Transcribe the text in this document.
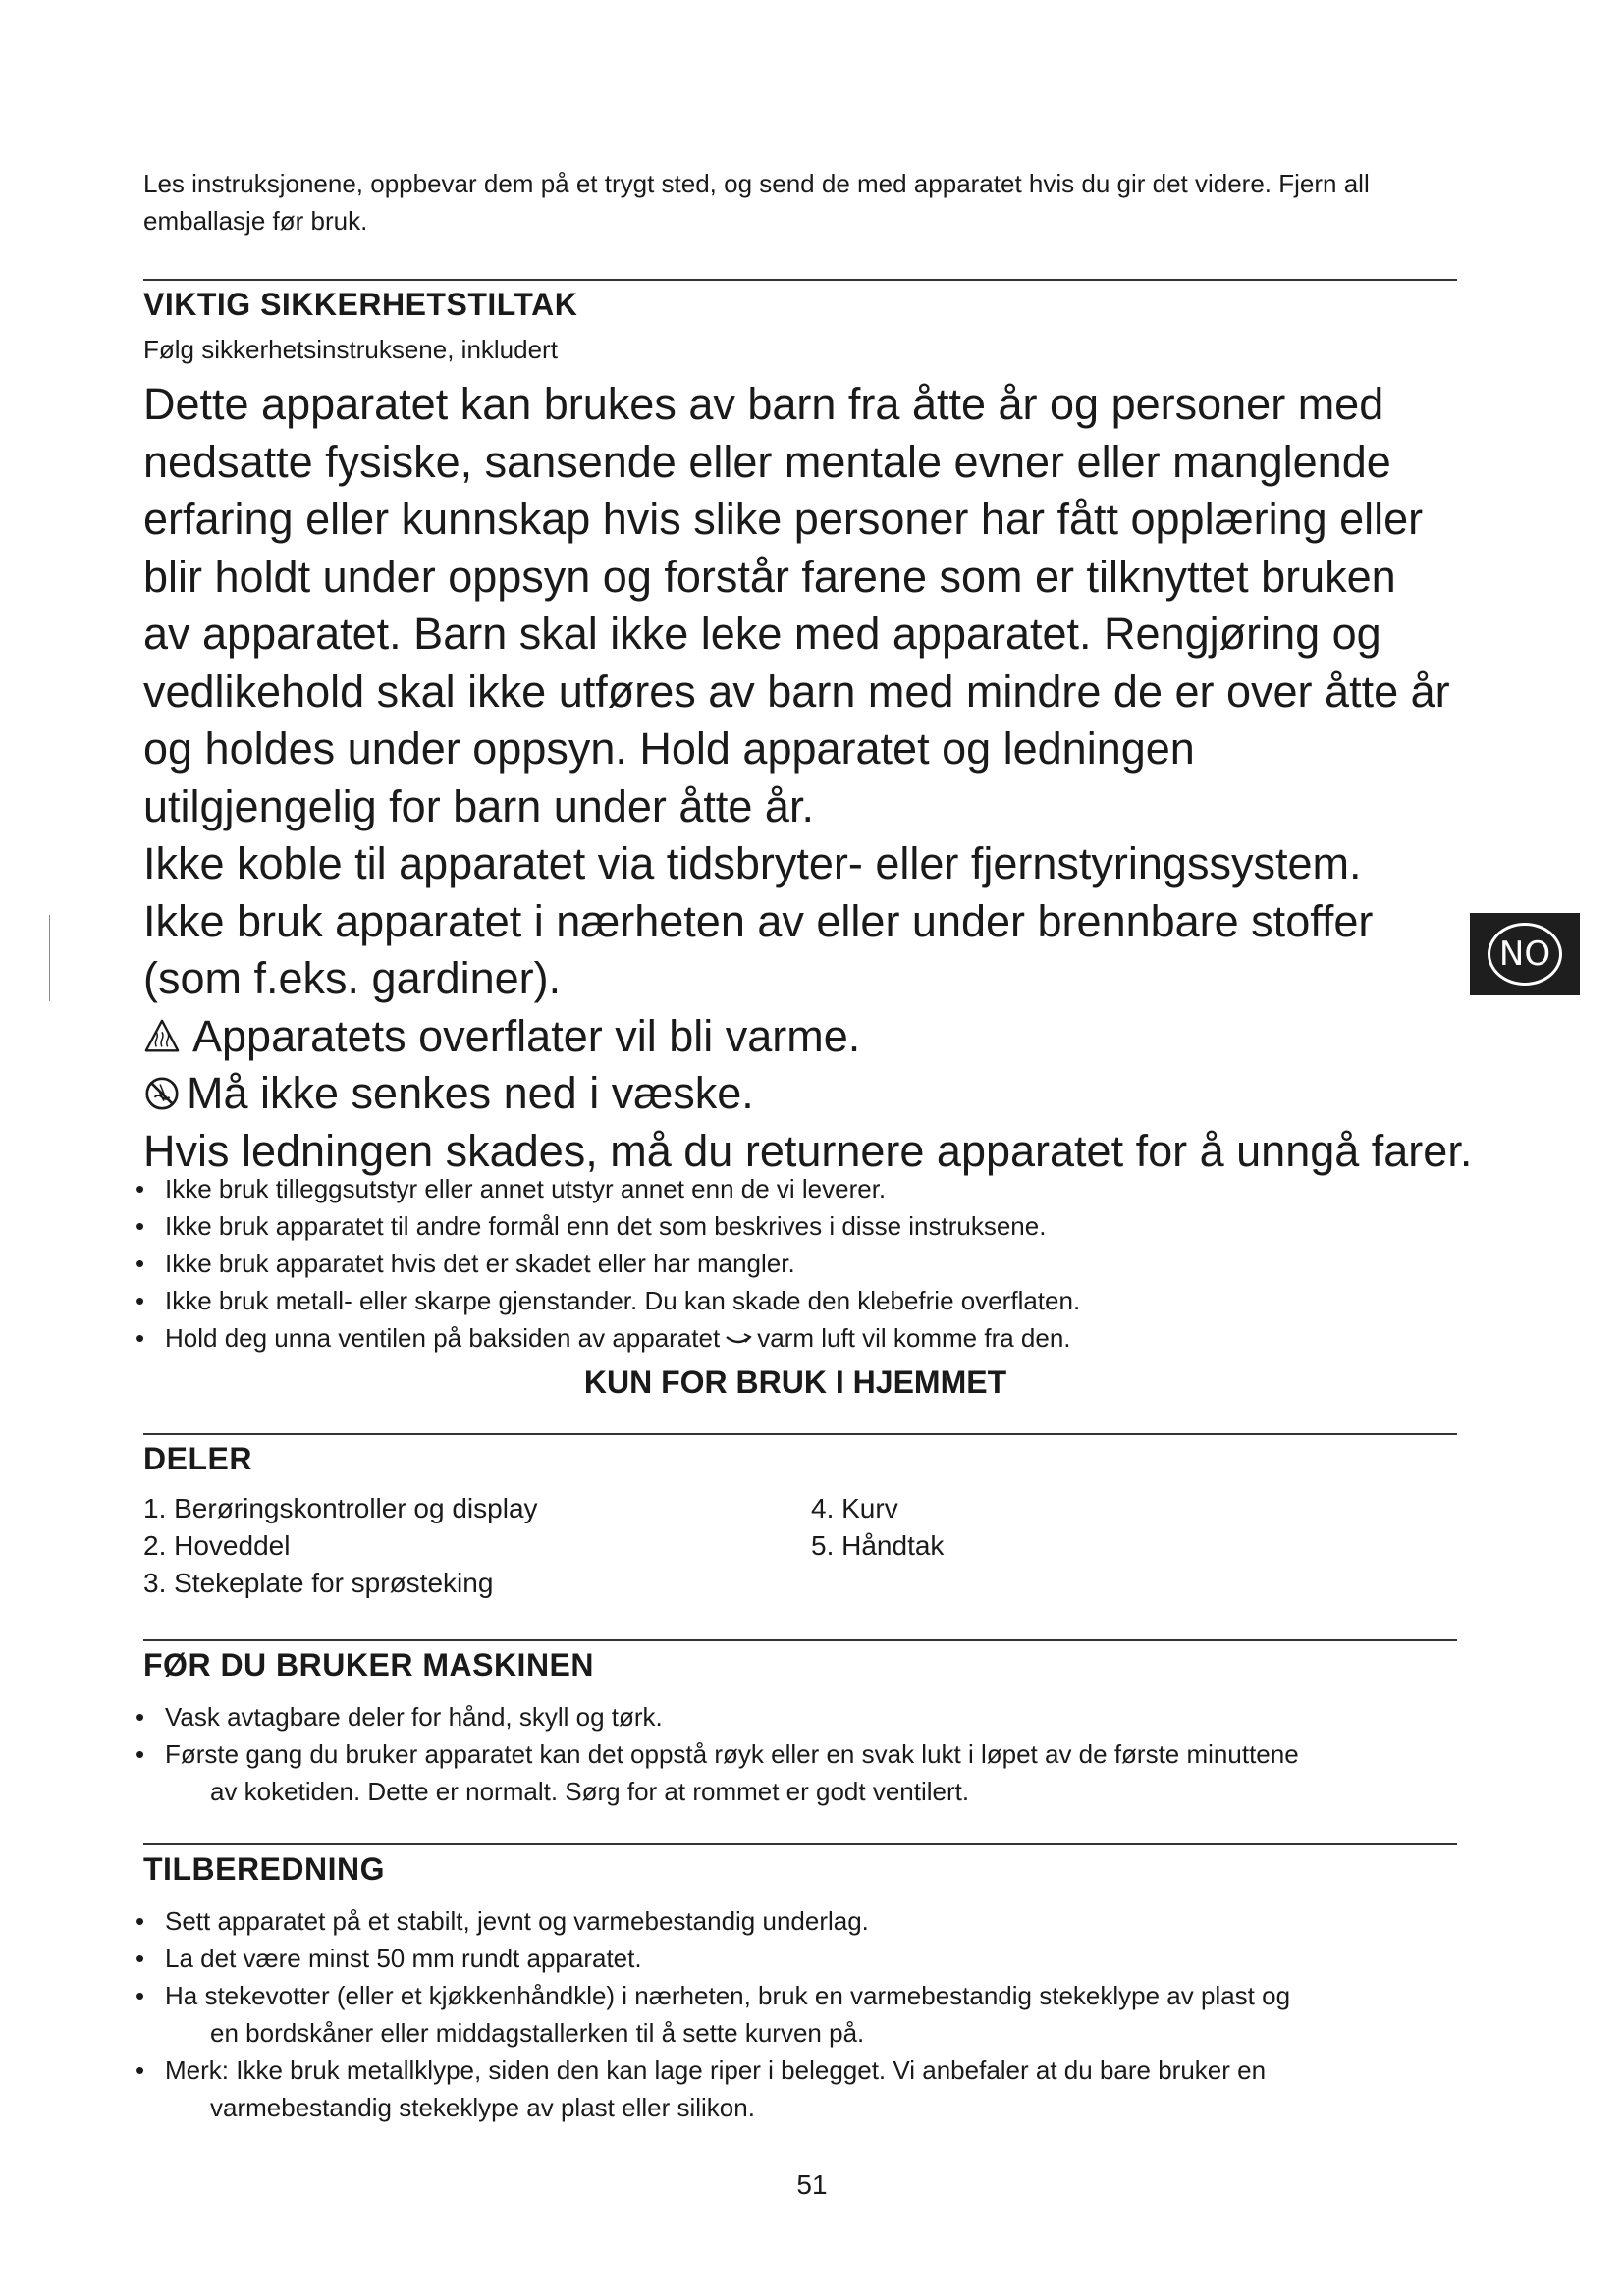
Les instruksjonene, oppbevar dem på et trygt sted, og send de med apparatet hvis du gir det videre. Fjern all emballasje før bruk.

VIKTIG SIKKERHETSTILTAK
Følg sikkerhetsinstruksene, inkludert
Dette apparatet kan brukes av barn fra åtte år og personer med
nedsatte fysiske, sansende eller mentale evner eller manglende
erfaring eller kunnskap hvis slike personer har fått opplæring eller
blir holdt under oppsyn og forstår farene som er tilknyttet bruken
av apparatet. Barn skal ikke leke med apparatet. Rengjøring og
vedlikehold skal ikke utføres av barn med mindre de er over åtte år
og holdes under oppsyn. Hold apparatet og ledningen
utilgjengelig for barn under åtte år.
Ikke koble til apparatet via tidsbryter- eller fjernstyringssystem.
Ikke bruk apparatet i nærheten av eller under brennbare stoffer
(som f.eks. gardiner).
Apparatets overflater vil bli varme.
Må ikke senkes ned i væske.
Hvis ledningen skades, må du returnere apparatet for å unngå farer.
• Ikke bruk tilleggsutstyr eller annet utstyr annet enn de vi leverer.
• Ikke bruk apparatet til andre formål enn det som beskrives i disse instruksene.
• Ikke bruk apparatet hvis det er skadet eller har mangler.
• Ikke bruk metall- eller skarpe gjenstander. Du kan skade den klebefrie overflaten.
• Hold deg unna ventilen på baksiden av apparatet varm luft vil komme fra den.
KUN FOR BRUK I HJEMMET
DELER
1. Berøringskontroller og display
2. Hoveddel
3. Stekeplate for sprøsteking
4. Kurv
5. Håndtak
FØR DU BRUKER MASKINEN
• Vask avtagbare deler for hånd, skyll og tørk.
• Første gang du bruker apparatet kan det oppstå røyk eller en svak lukt i løpet av de første minuttene
av koketiden. Dette er normalt. Sørg for at rommet er godt ventilert.
TILBEREDNING
• Sett apparatet på et stabilt, jevnt og varmebestandig underlag.
• La det være minst 50 mm rundt apparatet.
• Ha stekevotter (eller et kjøkkenhåndkle) i nærheten, bruk en varmebestandig stekeklype av plast og
en bordskåner eller middagstallerken til å sette kurven på.
• Merk: Ikke bruk metallklype, siden den kan lage riper i belegget. Vi anbefaler at du bare bruker en
varmebestandig stekeklype av plast eller silikon.
NO
51
